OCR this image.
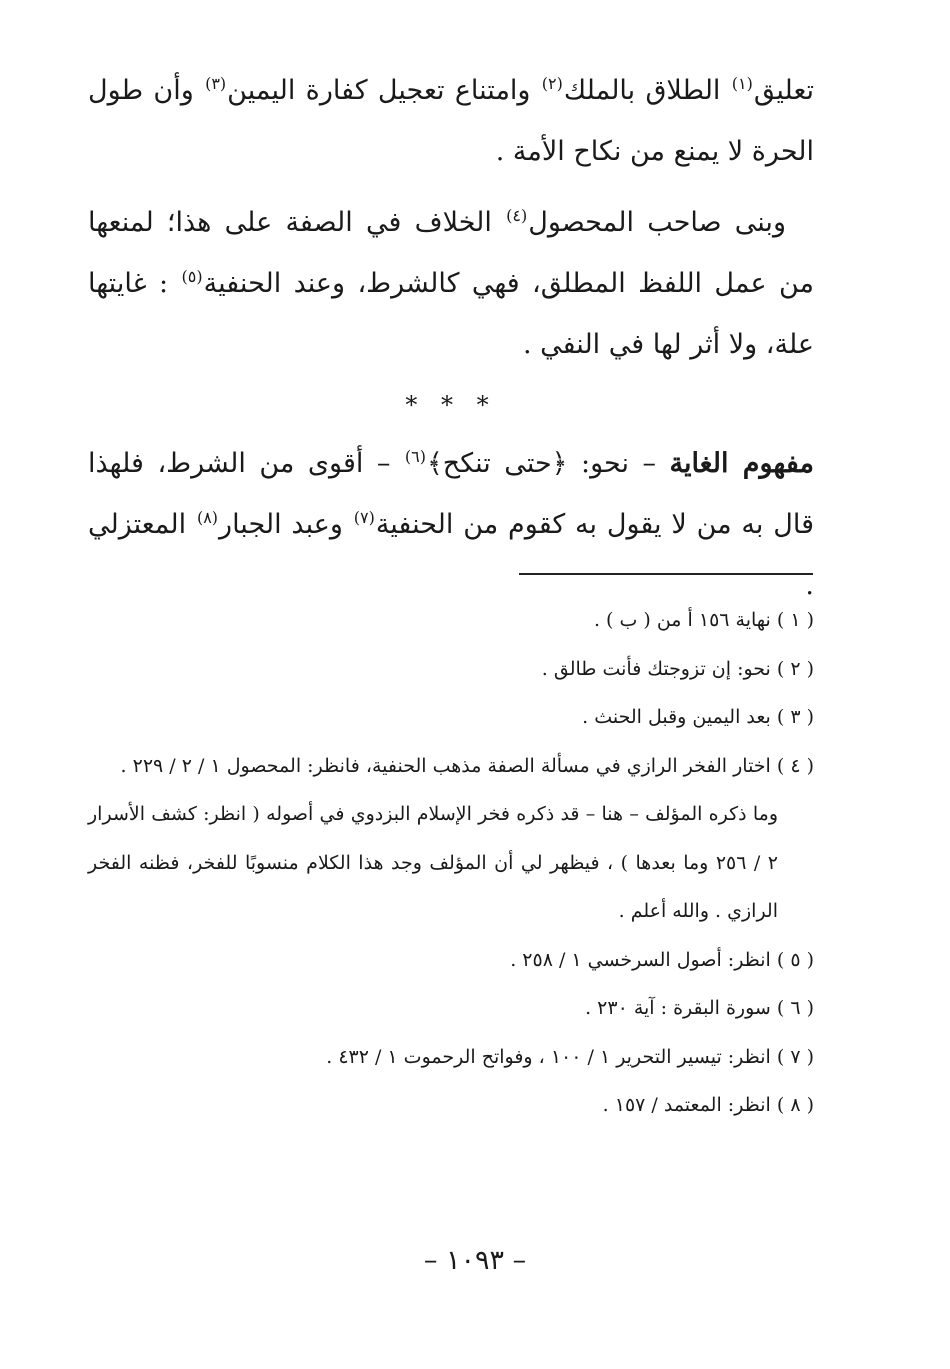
تعليق$^{(١)}$ الطلاق بالملك$^{(٢)}$ وامتناع تعجيل كفارة اليمين$^{(٣)}$ وأن طول الحرة لا يمنع من نكاح الأمة .

وبنى صاحب المحصول$^{(٤)}$ الخلاف في الصفة على هذا؛ لمنعها من عمل اللفظ المطلق، فهي كالشرط، وعند الحنفية$^{(٥)}$ : غايتها علة، ولا أثر لها في النفي .

* * *

مفهوم الغاية – نحو: ﴿حتى تنكح﴾$^{(٦)}$ – أقوى من الشرط، فلهذا قال به من لا يقول به كقوم من الحنفية$^{(٧)}$ وعبد الجبار$^{(٨)}$ المعتزلي .

( ١ ) نهاية ١٥٦ أ من ( ب ) .

( ٢ ) نحو: إن تزوجتك فأنت طالق .

( ٣ ) بعد اليمين وقبل الحنث .

( ٤ ) اختار الفخر الرازي في مسألة الصفة مذهب الحنفية، فانظر: المحصول ١ / ٢ / ٢٢٩ .

وما ذكره المؤلف – هنا – قد ذكره فخر الإسلام البزدوي في أصوله ( انظر: كشف الأسرار ٢ / ٢٥٦ وما بعدها ) ، فيظهر لي أن المؤلف وجد هذا الكلام منسوبًا للفخر، فظنه الفخر الرازي . والله أعلم .

( ٥ ) انظر: أصول السرخسي ١ / ٢٥٨ .

( ٦ ) سورة البقرة : آية ٢٣٠ .

( ٧ ) انظر: تيسير التحرير ١ / ١٠٠ ، وفواتح الرحموت ١ / ٤٣٢ .

( ٨ ) انظر: المعتمد / ١٥٧ .

– ١٠٩٣ –
